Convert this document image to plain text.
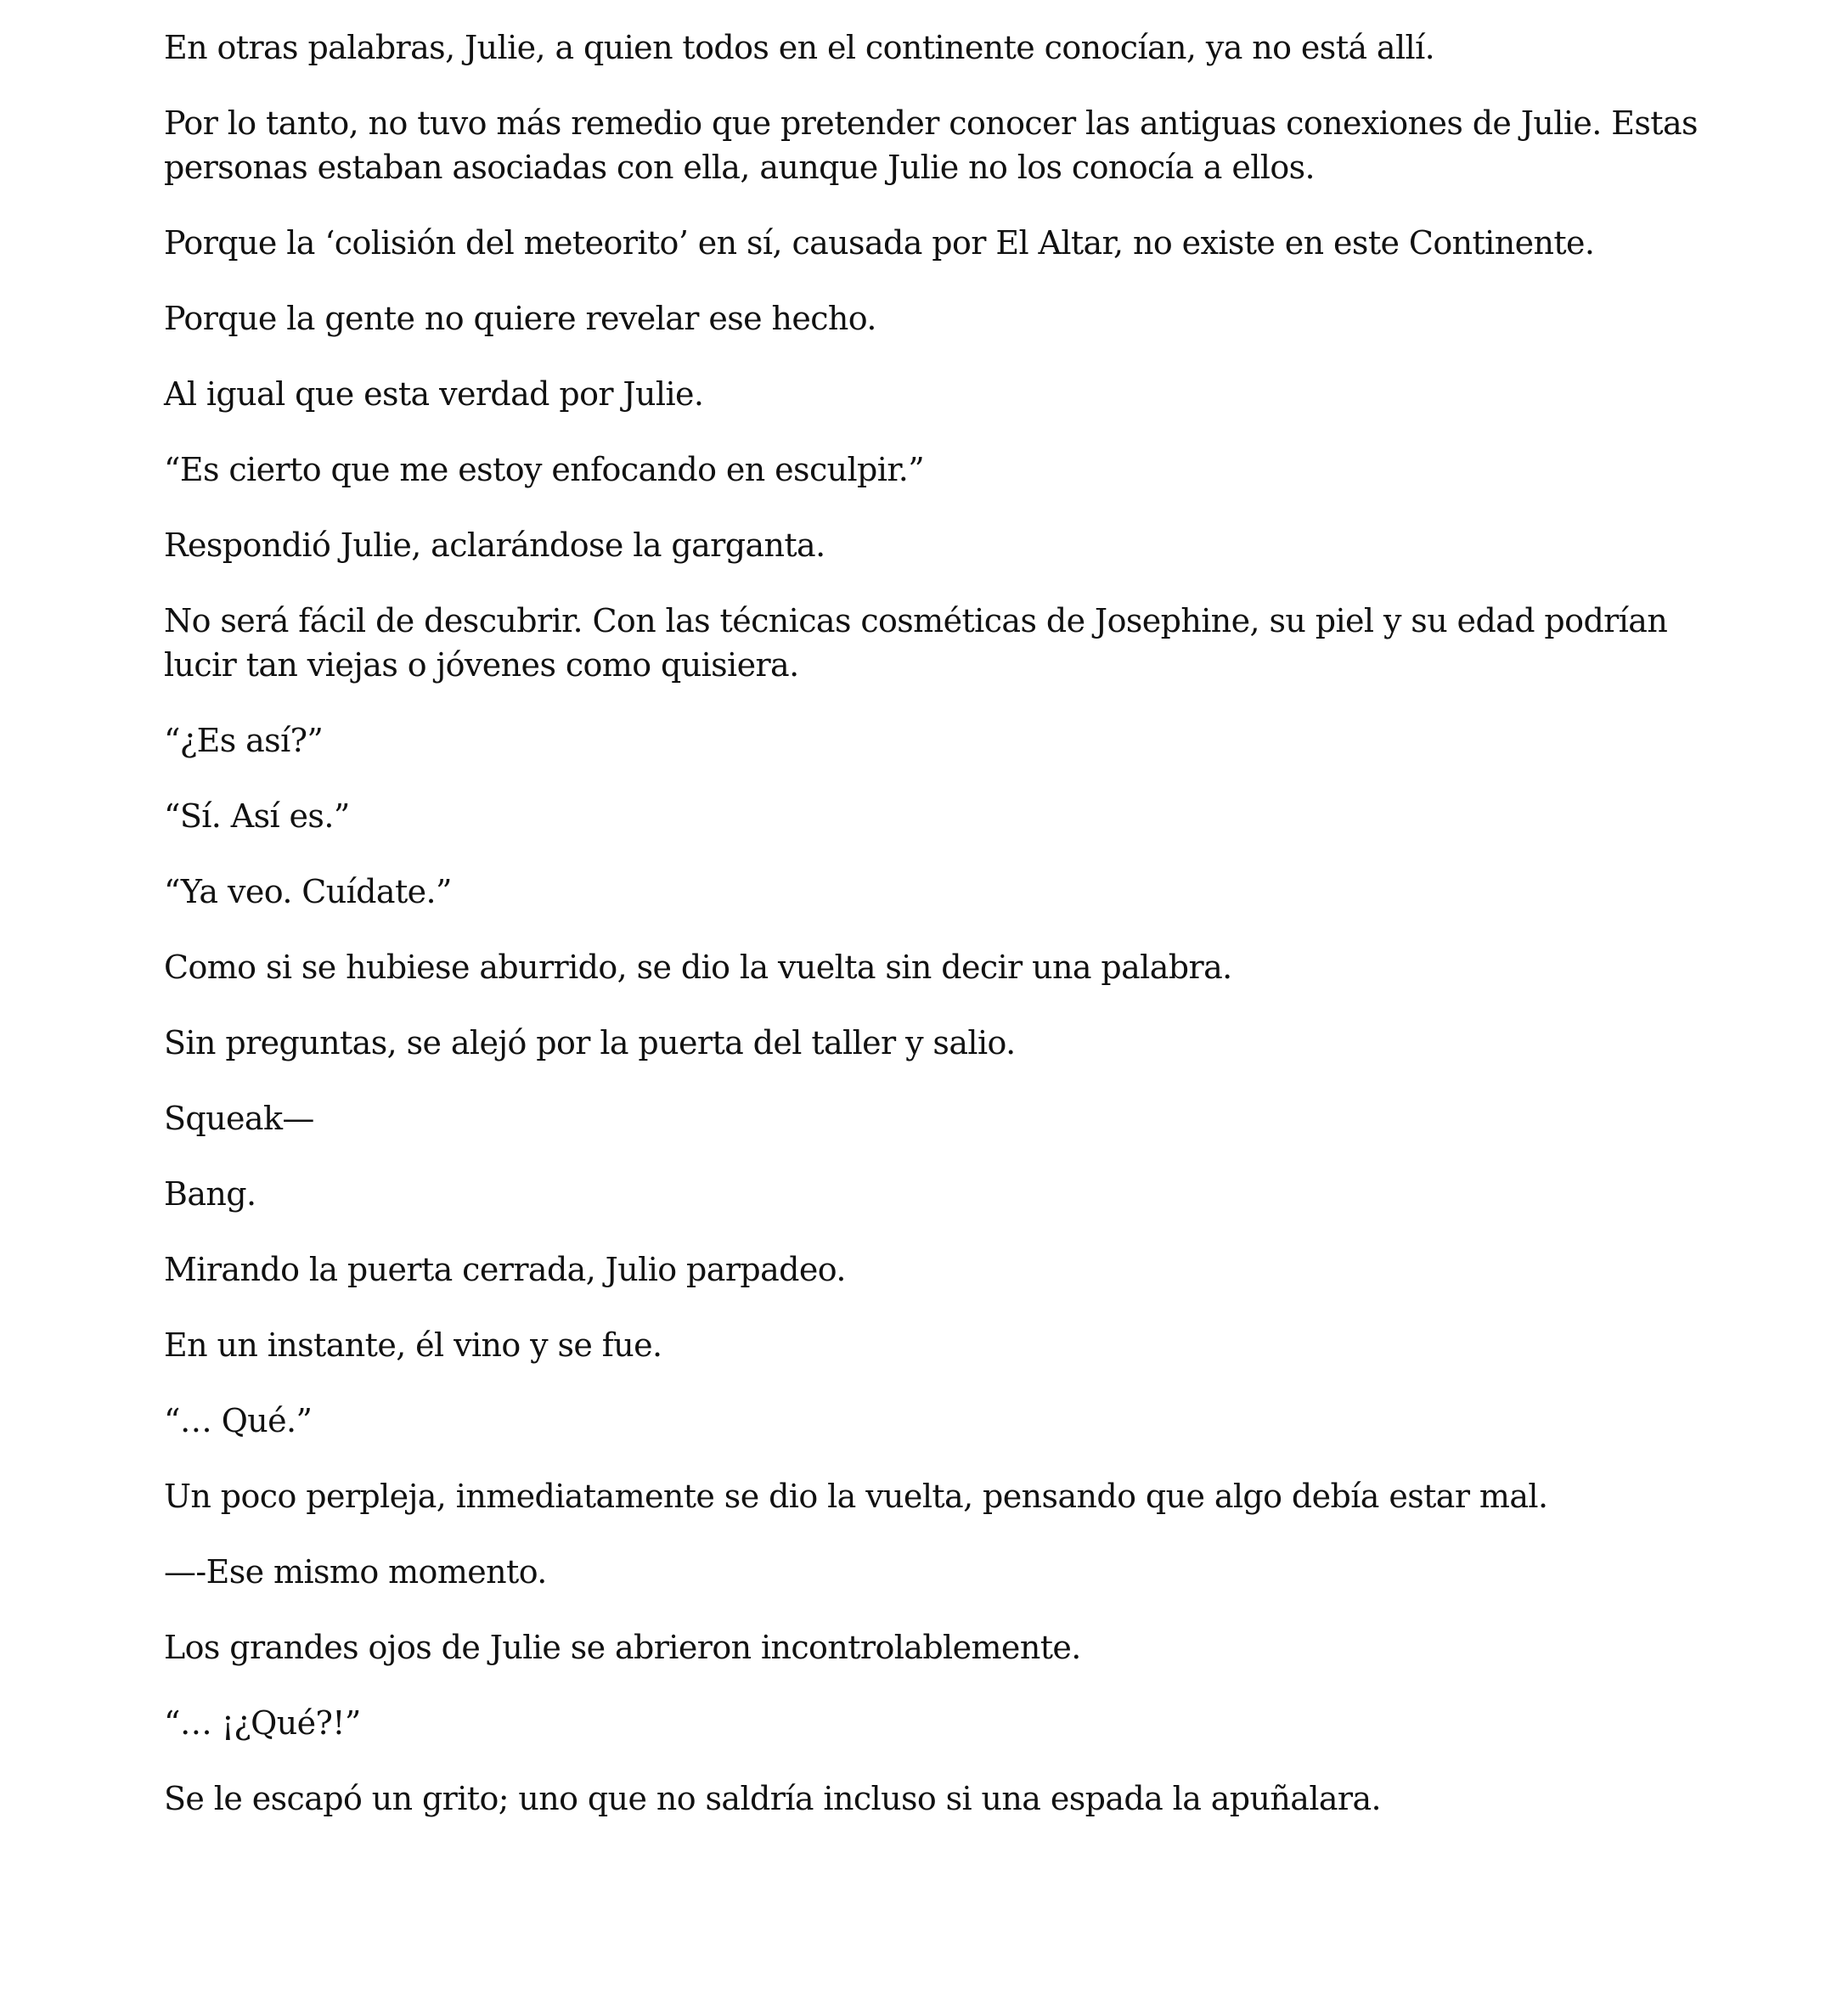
En otras palabras, Julie, a quien todos en el continente conocían, ya no está allí.

Por lo tanto, no tuvo más remedio que pretender conocer las antiguas conexiones de Julie. Estas personas estaban asociadas con ella, aunque Julie no los conocía a ellos.

Porque la ‘colisión del meteorito’ en sí, causada por El Altar, no existe en este Continente.

Porque la gente no quiere revelar ese hecho.

Al igual que esta verdad por Julie.

“Es cierto que me estoy enfocando en esculpir.”

Respondió Julie, aclarándose la garganta.

No será fácil de descubrir. Con las técnicas cosméticas de Josephine, su piel y su edad podrían lucir tan viejas o jóvenes como quisiera.

“¿Es así?”

“Sí. Así es.”

“Ya veo. Cuídate.”

Como si se hubiese aburrido, se dio la vuelta sin decir una palabra.

Sin preguntas, se alejó por la puerta del taller y salio.

Squeak—

Bang.

Mirando la puerta cerrada, Julio parpadeo.

En un instante, él vino y se fue.

“… Qué.”

Un poco perpleja, inmediatamente se dio la vuelta, pensando que algo debía estar mal.

—-Ese mismo momento.

Los grandes ojos de Julie se abrieron incontrolablemente.

“… ¡¿Qué?!”

Se le escapó un grito; uno que no saldría incluso si una espada la apuñalara.
